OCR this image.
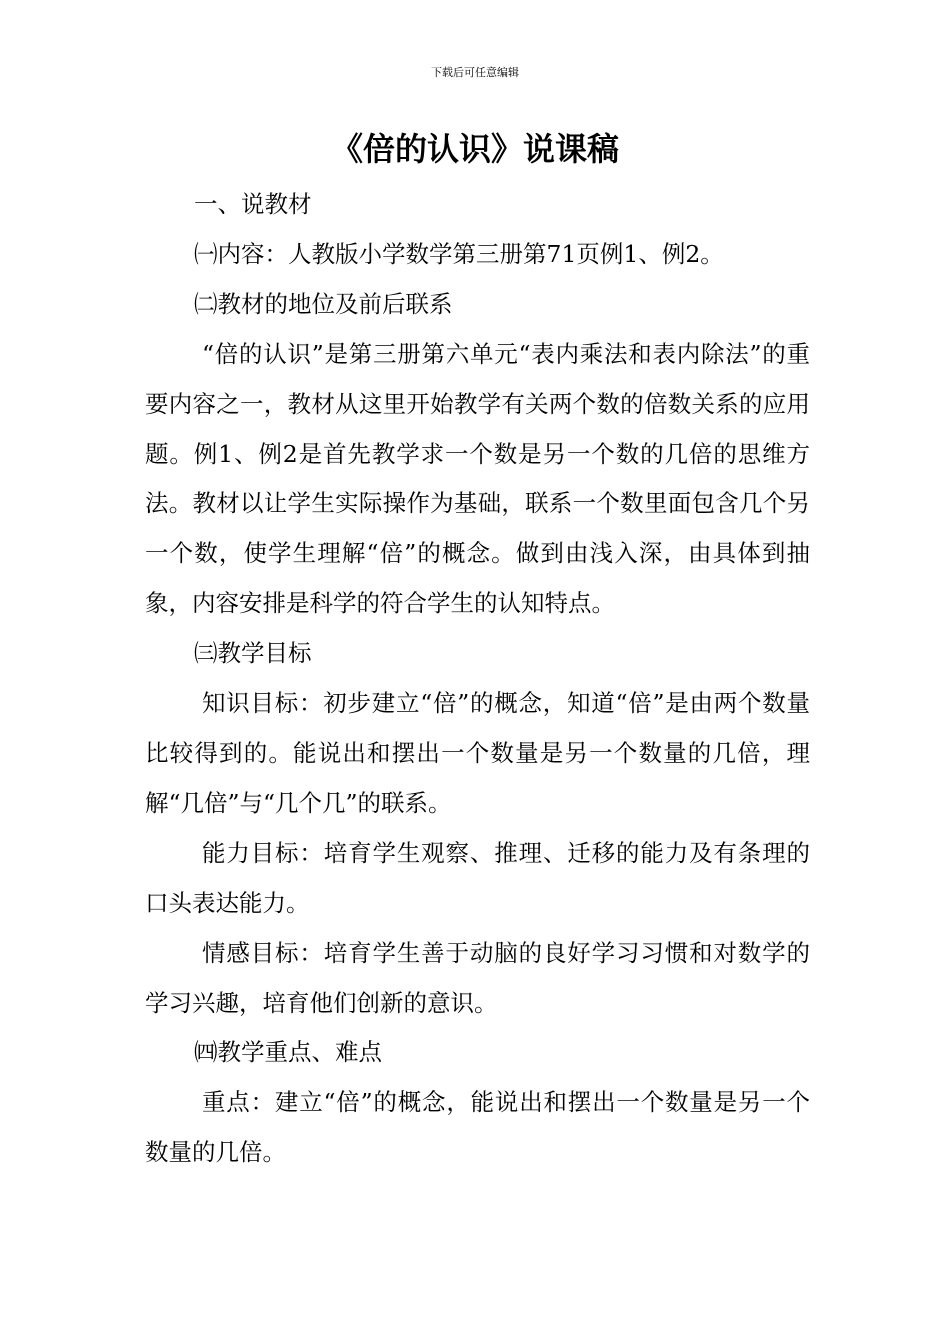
下载后可任意编辑
《倍的认识》说课稿

一、说教材

㈠内容：人教版小学数学第三册第71页例1、例2。

㈡教材的地位及前后联系

“倍的认识”是第三册第六单元“表内乘法和表内除法”的重要内容之一，教材从这里开始教学有关两个数的倍数关系的应用题。例1、例2是首先教学求一个数是另一个数的几倍的思维方法。教材以让学生实际操作为基础，联系一个数里面包含几个另一个数，使学生理解“倍”的概念。做到由浅入深，由具体到抽象，内容安排是科学的符合学生的认知特点。

㈢教学目标

知识目标：初步建立“倍”的概念，知道“倍”是由两个数量比较得到的。能说出和摆出一个数量是另一个数量的几倍，理解“几倍”与“几个几”的联系。

能力目标：培育学生观察、推理、迁移的能力及有条理的口头表达能力。

情感目标：培育学生善于动脑的良好学习习惯和对数学的学习兴趣，培育他们创新的意识。

㈣教学重点、难点

重点：建立“倍”的概念，能说出和摆出一个数量是另一个数量的几倍。
